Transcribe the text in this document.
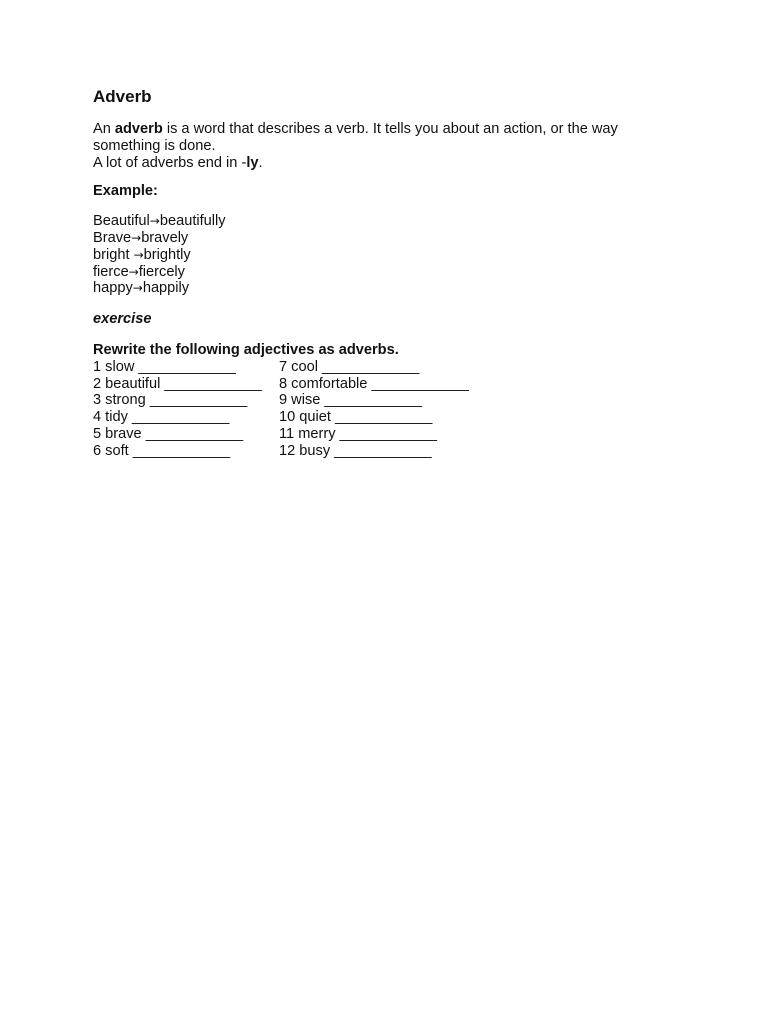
Adverb

An adverb is a word that describes a verb. It tells you about an action, or the way

something is done.

A lot of adverbs end in -ly.

Example:
Beautiful→beautifully
Brave→bravely
bright →brightly
fierce→fiercely
happy→happily
exercise
Rewrite the following adjectives as adverbs.
1 slow ____________	7 cool ____________
2 beautiful ____________	8 comfortable ____________
3 strong ____________	9 wise ____________
4 tidy ____________	10 quiet ____________
5 brave ____________	11 merry ____________
6 soft ____________	12 busy ____________
